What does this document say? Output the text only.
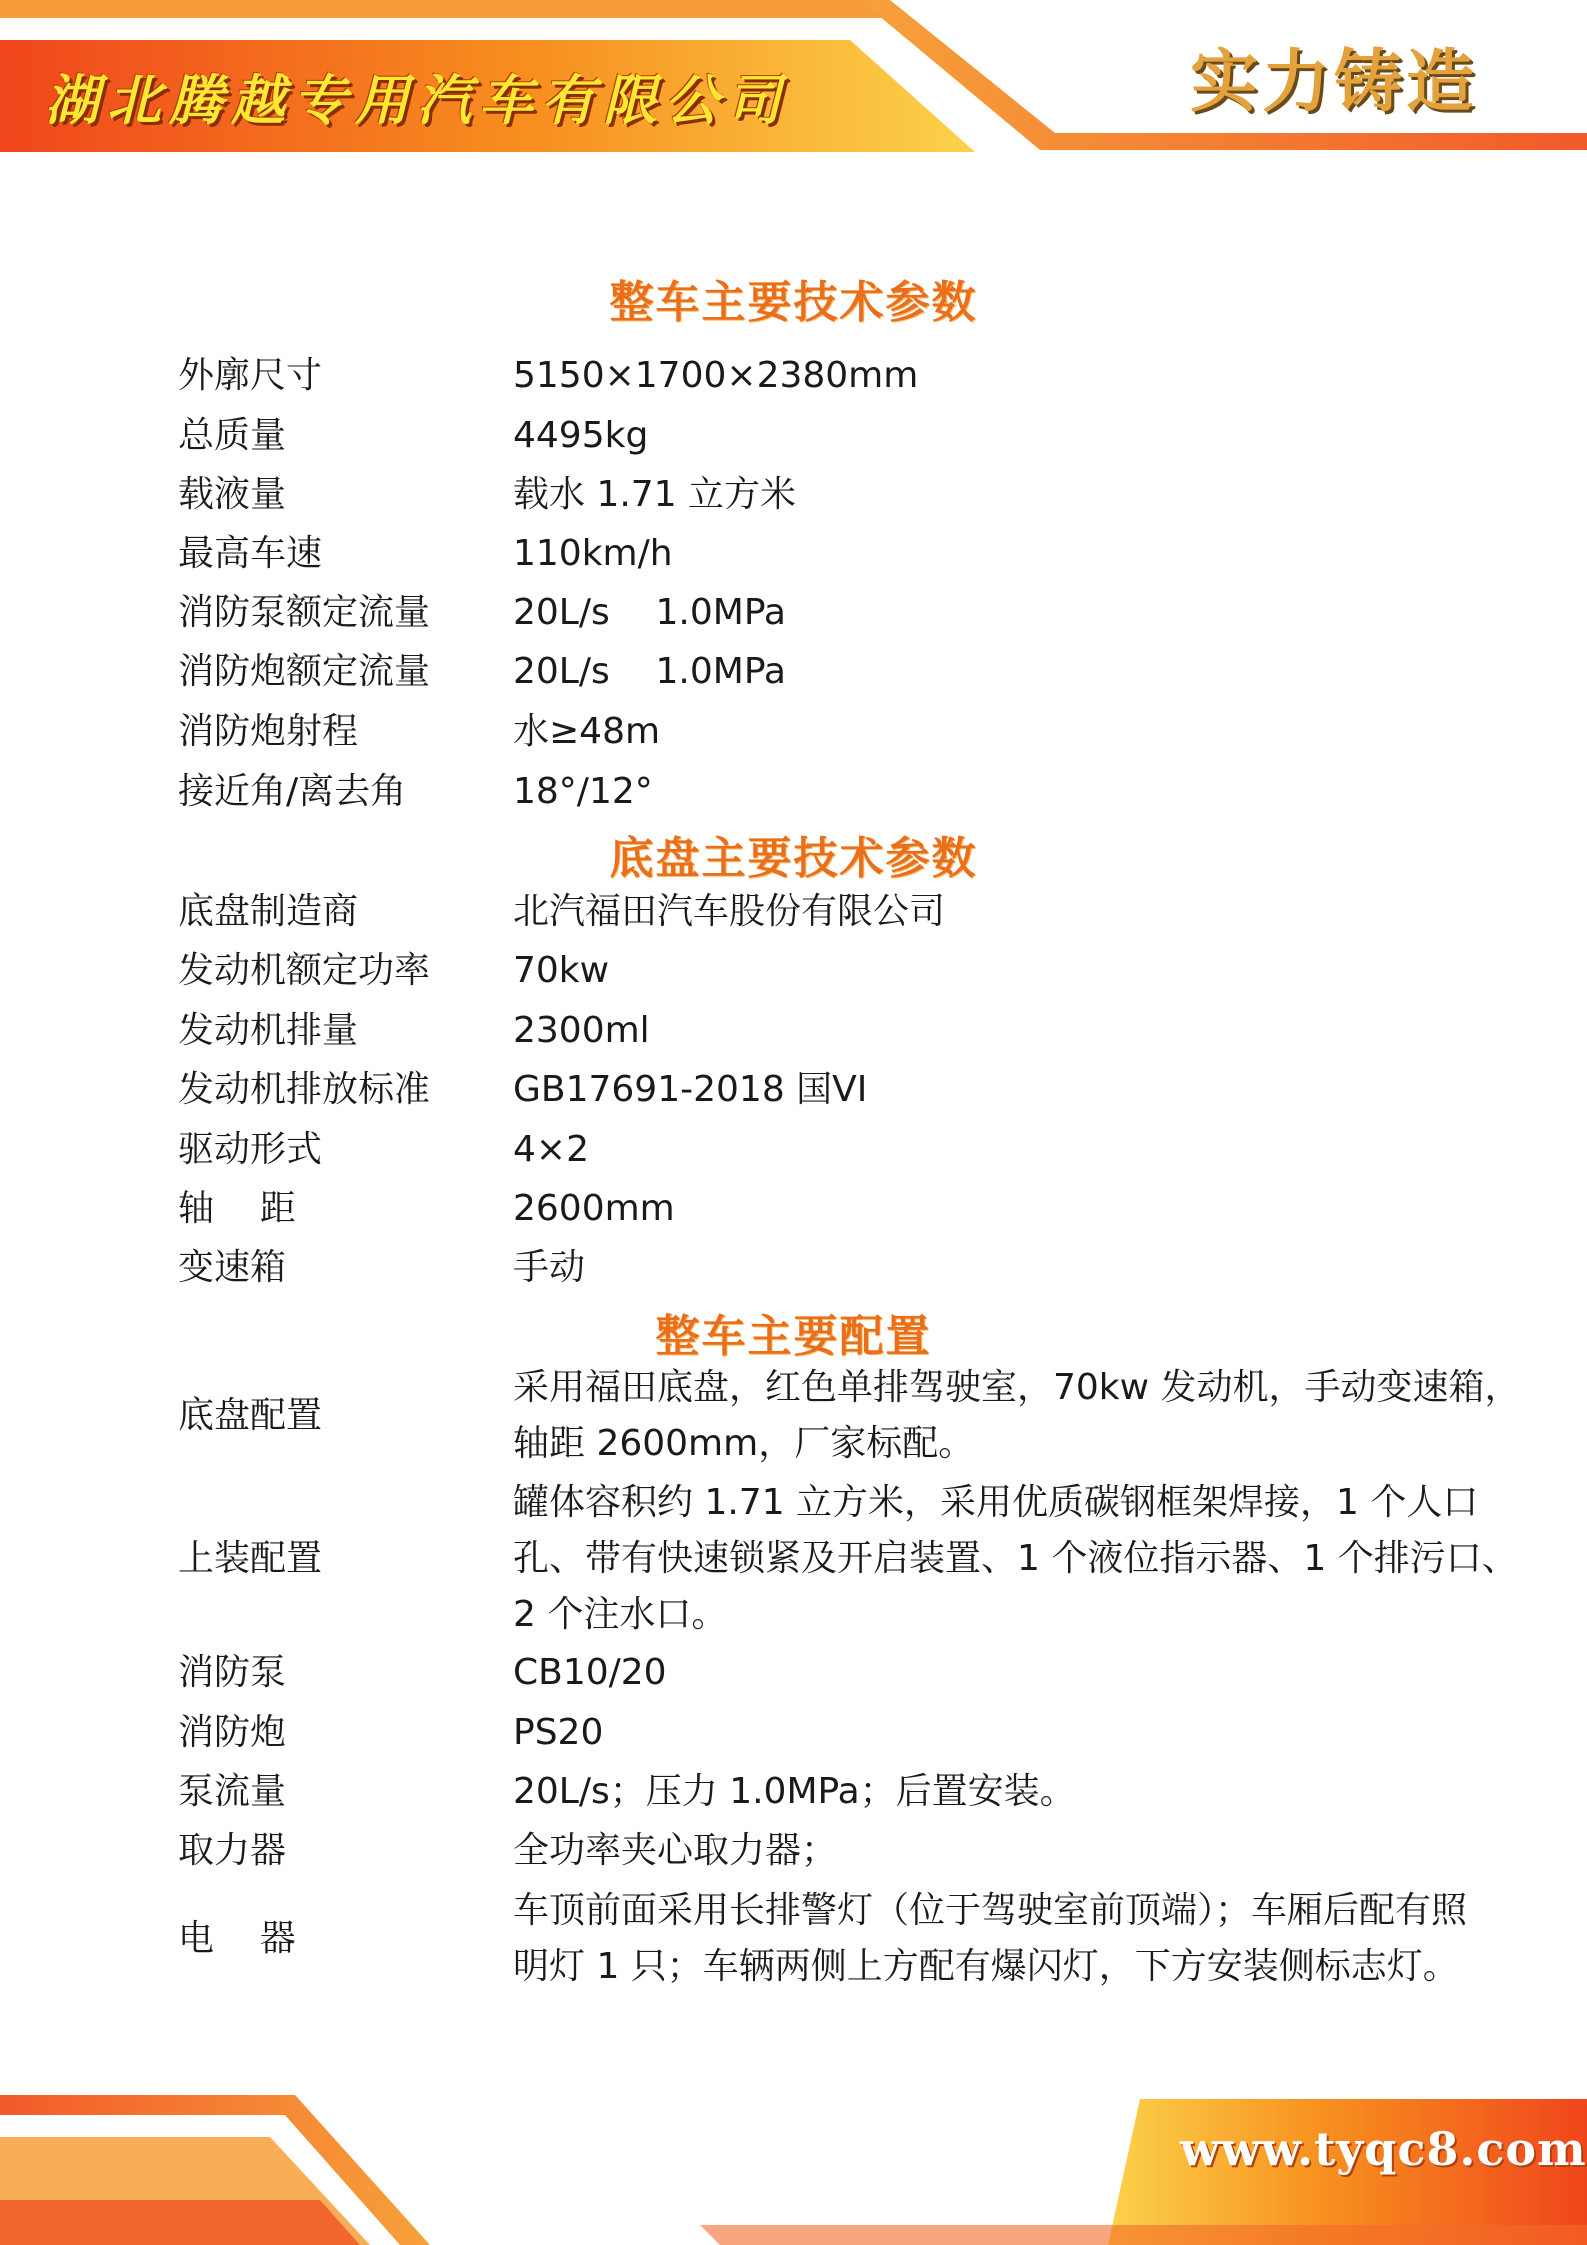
湖北腾越专用汽车有限公司	实力铸造
整车主要技术参数
外廓尺寸	5150×1700×2380mm
总质量	4495kg
载液量	载水 1.71 立方米
最高车速	110km/h
消防泵额定流量 20L/s    1.0MPa
消防炮额定流量 20L/s    1.0MPa
消防炮射程	水≥48m
接近角/离去角	18°/12°
底盘主要技术参数
底盘制造商	北汽福田汽车股份有限公司
发动机额定功率 70kw
发动机排量	2300ml
发动机排放标准 GB17691-2018 国VI
驱动形式	4×2
轴    距	2600mm
变速箱	手动
整车主要配置
底盘配置
采用福田底盘，红色单排驾驶室，70kw 发动机，手动变速箱，
轴距 2600mm，厂家标配。
上装配置
罐体容积约 1.71 立方米，采用优质碳钢框架焊接，1 个人口
孔、带有快速锁紧及开启装置、1 个液位指示器、1 个排污口、
2 个注水口。
消防泵	CB10/20
消防炮	PS20
泵流量	20L/s；压力 1.0MPa；后置安装。
取力器	全功率夹心取力器；
电    器
车顶前面采用长排警灯（位于驾驶室前顶端）；车厢后配有照
明灯 1 只；车辆两侧上方配有爆闪灯，下方安装侧标志灯。
www.tyqc8.com
